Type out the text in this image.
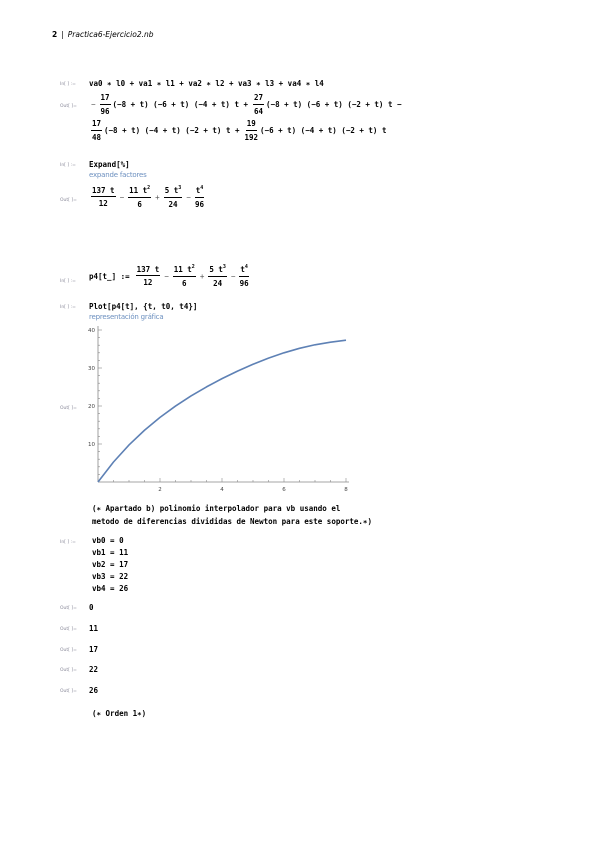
2 | Practica6-Ejercicio2.nb
In[ ] := va0 ∗ l0 + va1 ∗ l1 + va2 ∗ l2 + va3 ∗ l3 + va4 ∗ l4
Out[ ]= − $\frac{17}{96} (-8 + t) (-6 + t) (-4 + t) t + \frac{27}{64} (-8 + t) (-6 + t) (-2 + t) t$ −
$\frac{17}{48} (-8 + t) (-4 + t) (-2 + t) t + \frac{19}{192} (-6 + t) (-4 + t) (-2 + t)$ t
In[ ] := Expand[%]
expande factores
Out[ ]= $\frac{137 t}{12} - \frac{11 t^2}{6} + \frac{5 t^3}{24} - \frac{t^4}{96}$
In[ ] :=
p4[t_] := $\frac{137 t}{12} - \frac{11 t^2}{6} + \frac{5 t^3}{24} - \frac{t^4}{96}$
In[ ] := Plot[p4[t], {t, t0, t4}]
representación gráfica
Out[ ]=
2	4	6	8
10
20
30
40
(∗ Apartado b) polinomio interpolador para vb usando el
metodo de diferencias divididas de Newton para este soporte.∗)
In[ ] := vb0 = 0
vb1 = 11
vb2 = 17
vb3 = 22
vb4 = 26
Out[ ]= 0
Out[ ]= 11
Out[ ]= 17
Out[ ]= 22
Out[ ]= 26
(∗ Orden 1∗)
